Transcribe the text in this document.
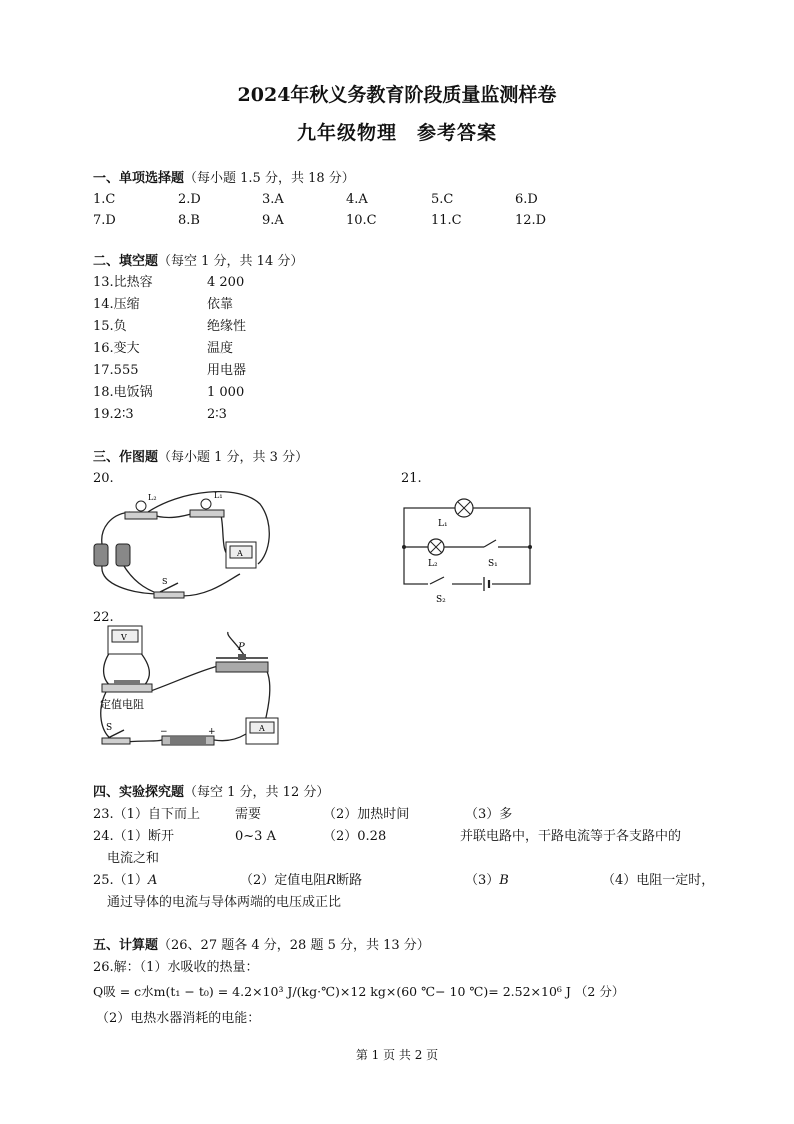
2024年秋义务教育阶段质量监测样卷
九年级物理　参考答案
一、单项选择题（每小题 1.5 分，共 18 分）
1.C	2.D	3.A	4.A	5.C	6.D
7.D	8.B	9.A	10.C	11.C	12.D
二、填空题（每空 1 分，共 14 分）
13.比热容	4 200
14.压缩	依靠
15.负	绝缘性
16.变大	温度
17.555	用电器
18.电饭锅	1 000
19.2∶3	2∶3
三、作图题（每小题 1 分，共 3 分）
20.	21.
L₂	L₁
A
S
L₁
L₂	S₁
S₂
22.
V
P
定值电阻
S	−	+	A
四、实验探究题（每空 1 分，共 12 分）
23.（1）自下而上	需要	（2）加热时间	（3）多
24.（1）断开	0~3 A	（2）0.28	并联电路中，干路电流等于各支路中的
电流之和
25.（1）A	（2）定值电阻R断路	（3）B	（4）电阻一定时，
通过导体的电流与导体两端的电压成正比
五、计算题（26、27 题各 4 分，28 题 5 分，共 13 分）
26.解：（1）水吸收的热量：
Q吸 = c水m(t₁ − t₀) = 4.2×10³ J/(kg·℃)×12 kg×(60 ℃− 10 ℃)= 2.52×10⁶ J （2 分）
（2）电热水器消耗的电能：
第 1 页 共 2 页
